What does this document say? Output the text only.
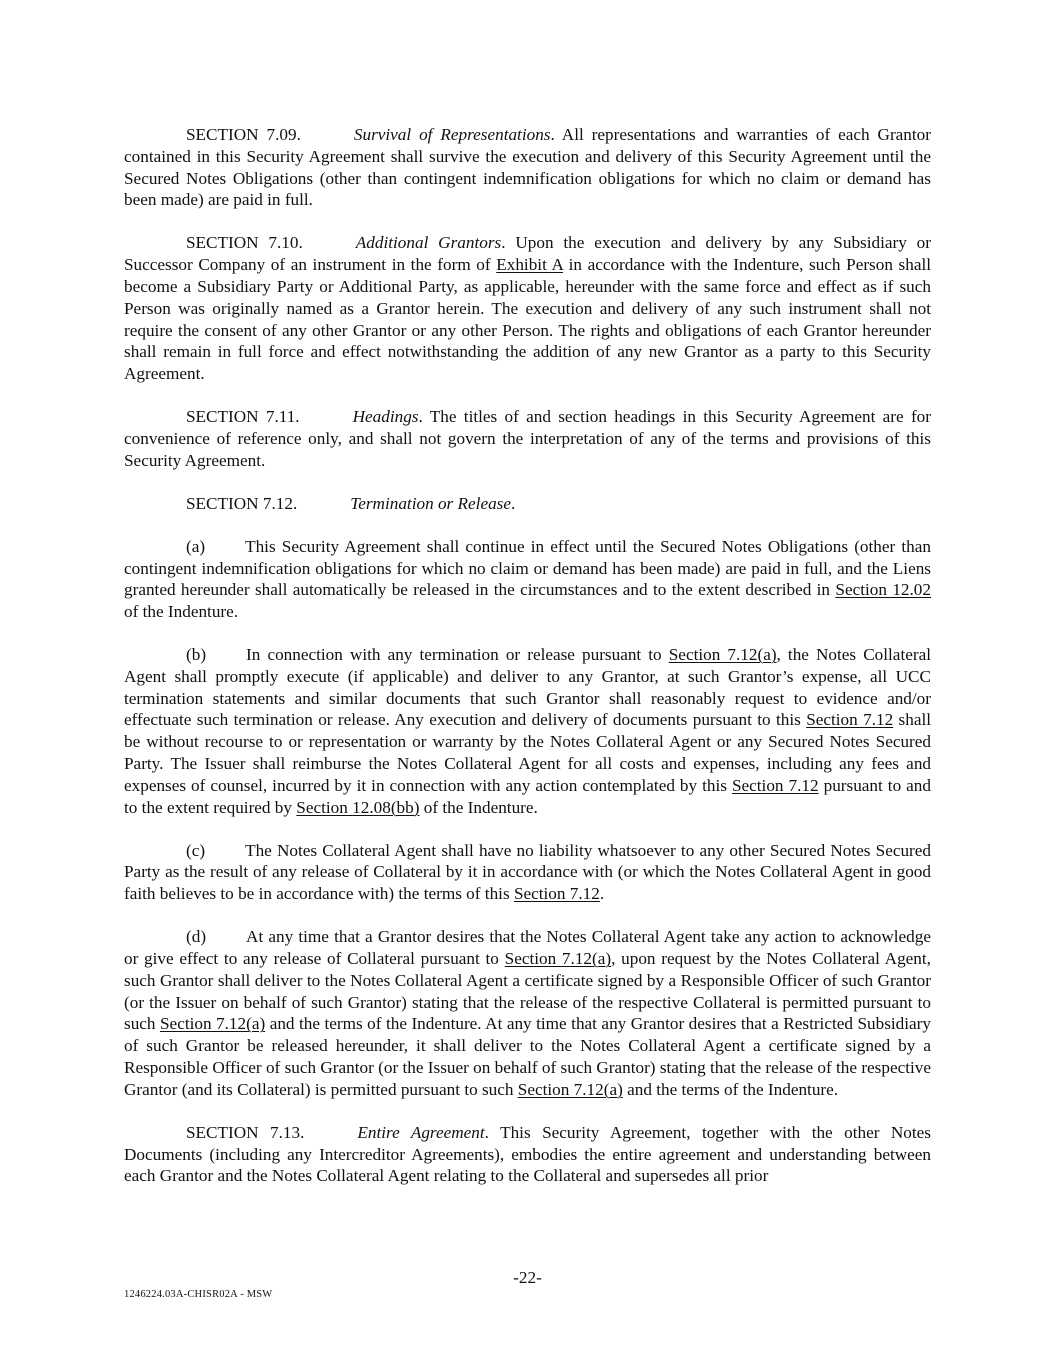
SECTION 7.09.	Survival of Representations. All representations and warranties of each Grantor contained in this Security Agreement shall survive the execution and delivery of this Security Agreement until the Secured Notes Obligations (other than contingent indemnification obligations for which no claim or demand has been made) are paid in full.

SECTION 7.10.	Additional Grantors. Upon the execution and delivery by any Subsidiary or Successor Company of an instrument in the form of Exhibit A in accordance with the Indenture, such Person shall become a Subsidiary Party or Additional Party, as applicable, hereunder with the same force and effect as if such Person was originally named as a Grantor herein. The execution and delivery of any such instrument shall not require the consent of any other Grantor or any other Person. The rights and obligations of each Grantor hereunder shall remain in full force and effect notwithstanding the addition of any new Grantor as a party to this Security Agreement.

SECTION 7.11.	Headings. The titles of and section headings in this Security Agreement are for convenience of reference only, and shall not govern the interpretation of any of the terms and provisions of this Security Agreement.

SECTION 7.12.	Termination or Release.

(a) This Security Agreement shall continue in effect until the Secured Notes Obligations (other than contingent indemnification obligations for which no claim or demand has been made) are paid in full, and the Liens granted hereunder shall automatically be released in the circumstances and to the extent described in Section 12.02 of the Indenture.

(b) In connection with any termination or release pursuant to Section 7.12(a), the Notes Collateral Agent shall promptly execute (if applicable) and deliver to any Grantor, at such Grantor’s expense, all UCC termination statements and similar documents that such Grantor shall reasonably request to evidence and/or effectuate such termination or release. Any execution and delivery of documents pursuant to this Section 7.12 shall be without recourse to or representation or warranty by the Notes Collateral Agent or any Secured Notes Secured Party. The Issuer shall reimburse the Notes Collateral Agent for all costs and expenses, including any fees and expenses of counsel, incurred by it in connection with any action contemplated by this Section 7.12 pursuant to and to the extent required by Section 12.08(bb) of the Indenture.

(c) The Notes Collateral Agent shall have no liability whatsoever to any other Secured Notes Secured Party as the result of any release of Collateral by it in accordance with (or which the Notes Collateral Agent in good faith believes to be in accordance with) the terms of this Section 7.12.

(d) At any time that a Grantor desires that the Notes Collateral Agent take any action to acknowledge or give effect to any release of Collateral pursuant to Section 7.12(a), upon request by the Notes Collateral Agent, such Grantor shall deliver to the Notes Collateral Agent a certificate signed by a Responsible Officer of such Grantor (or the Issuer on behalf of such Grantor) stating that the release of the respective Collateral is permitted pursuant to such Section 7.12(a) and the terms of the Indenture. At any time that any Grantor desires that a Restricted Subsidiary of such Grantor be released hereunder, it shall deliver to the Notes Collateral Agent a certificate signed by a Responsible Officer of such Grantor (or the Issuer on behalf of such Grantor) stating that the release of the respective Grantor (and its Collateral) is permitted pursuant to such Section 7.12(a) and the terms of the Indenture.

SECTION 7.13.	Entire Agreement. This Security Agreement, together with the other Notes Documents (including any Intercreditor Agreements), embodies the entire agreement and understanding between each Grantor and the Notes Collateral Agent relating to the Collateral and supersedes all prior

-22-
1246224.03A-CHISR02A - MSW
